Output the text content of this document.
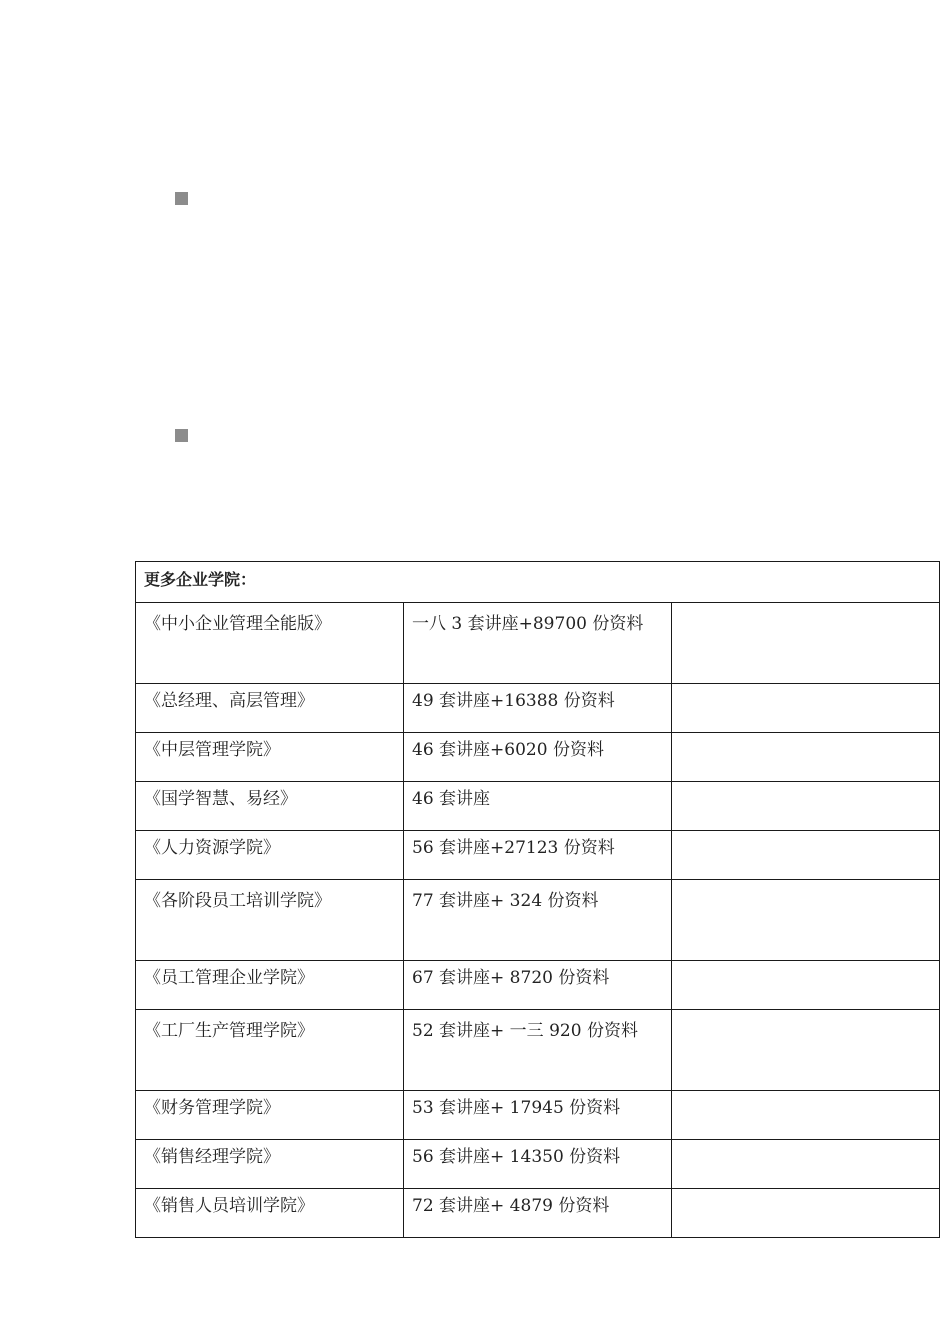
更多企业学院：		
《中小企业管理全能版》	一八 3 套讲座+89700 份资料	
《总经理、高层管理》	49 套讲座+16388 份资料	
《中层管理学院》	46 套讲座+6020 份资料	
《国学智慧、易经》	46 套讲座	
《人力资源学院》	56 套讲座+27123 份资料	
《各阶段员工培训学院》	77 套讲座+ 324 份资料	
《员工管理企业学院》	67 套讲座+ 8720 份资料	
《工厂生产管理学院》	52 套讲座+ 一三 920 份资料	
《财务管理学院》	53 套讲座+ 17945 份资料	
《销售经理学院》	56 套讲座+ 14350 份资料	
《销售人员培训学院》	72 套讲座+ 4879 份资料	
